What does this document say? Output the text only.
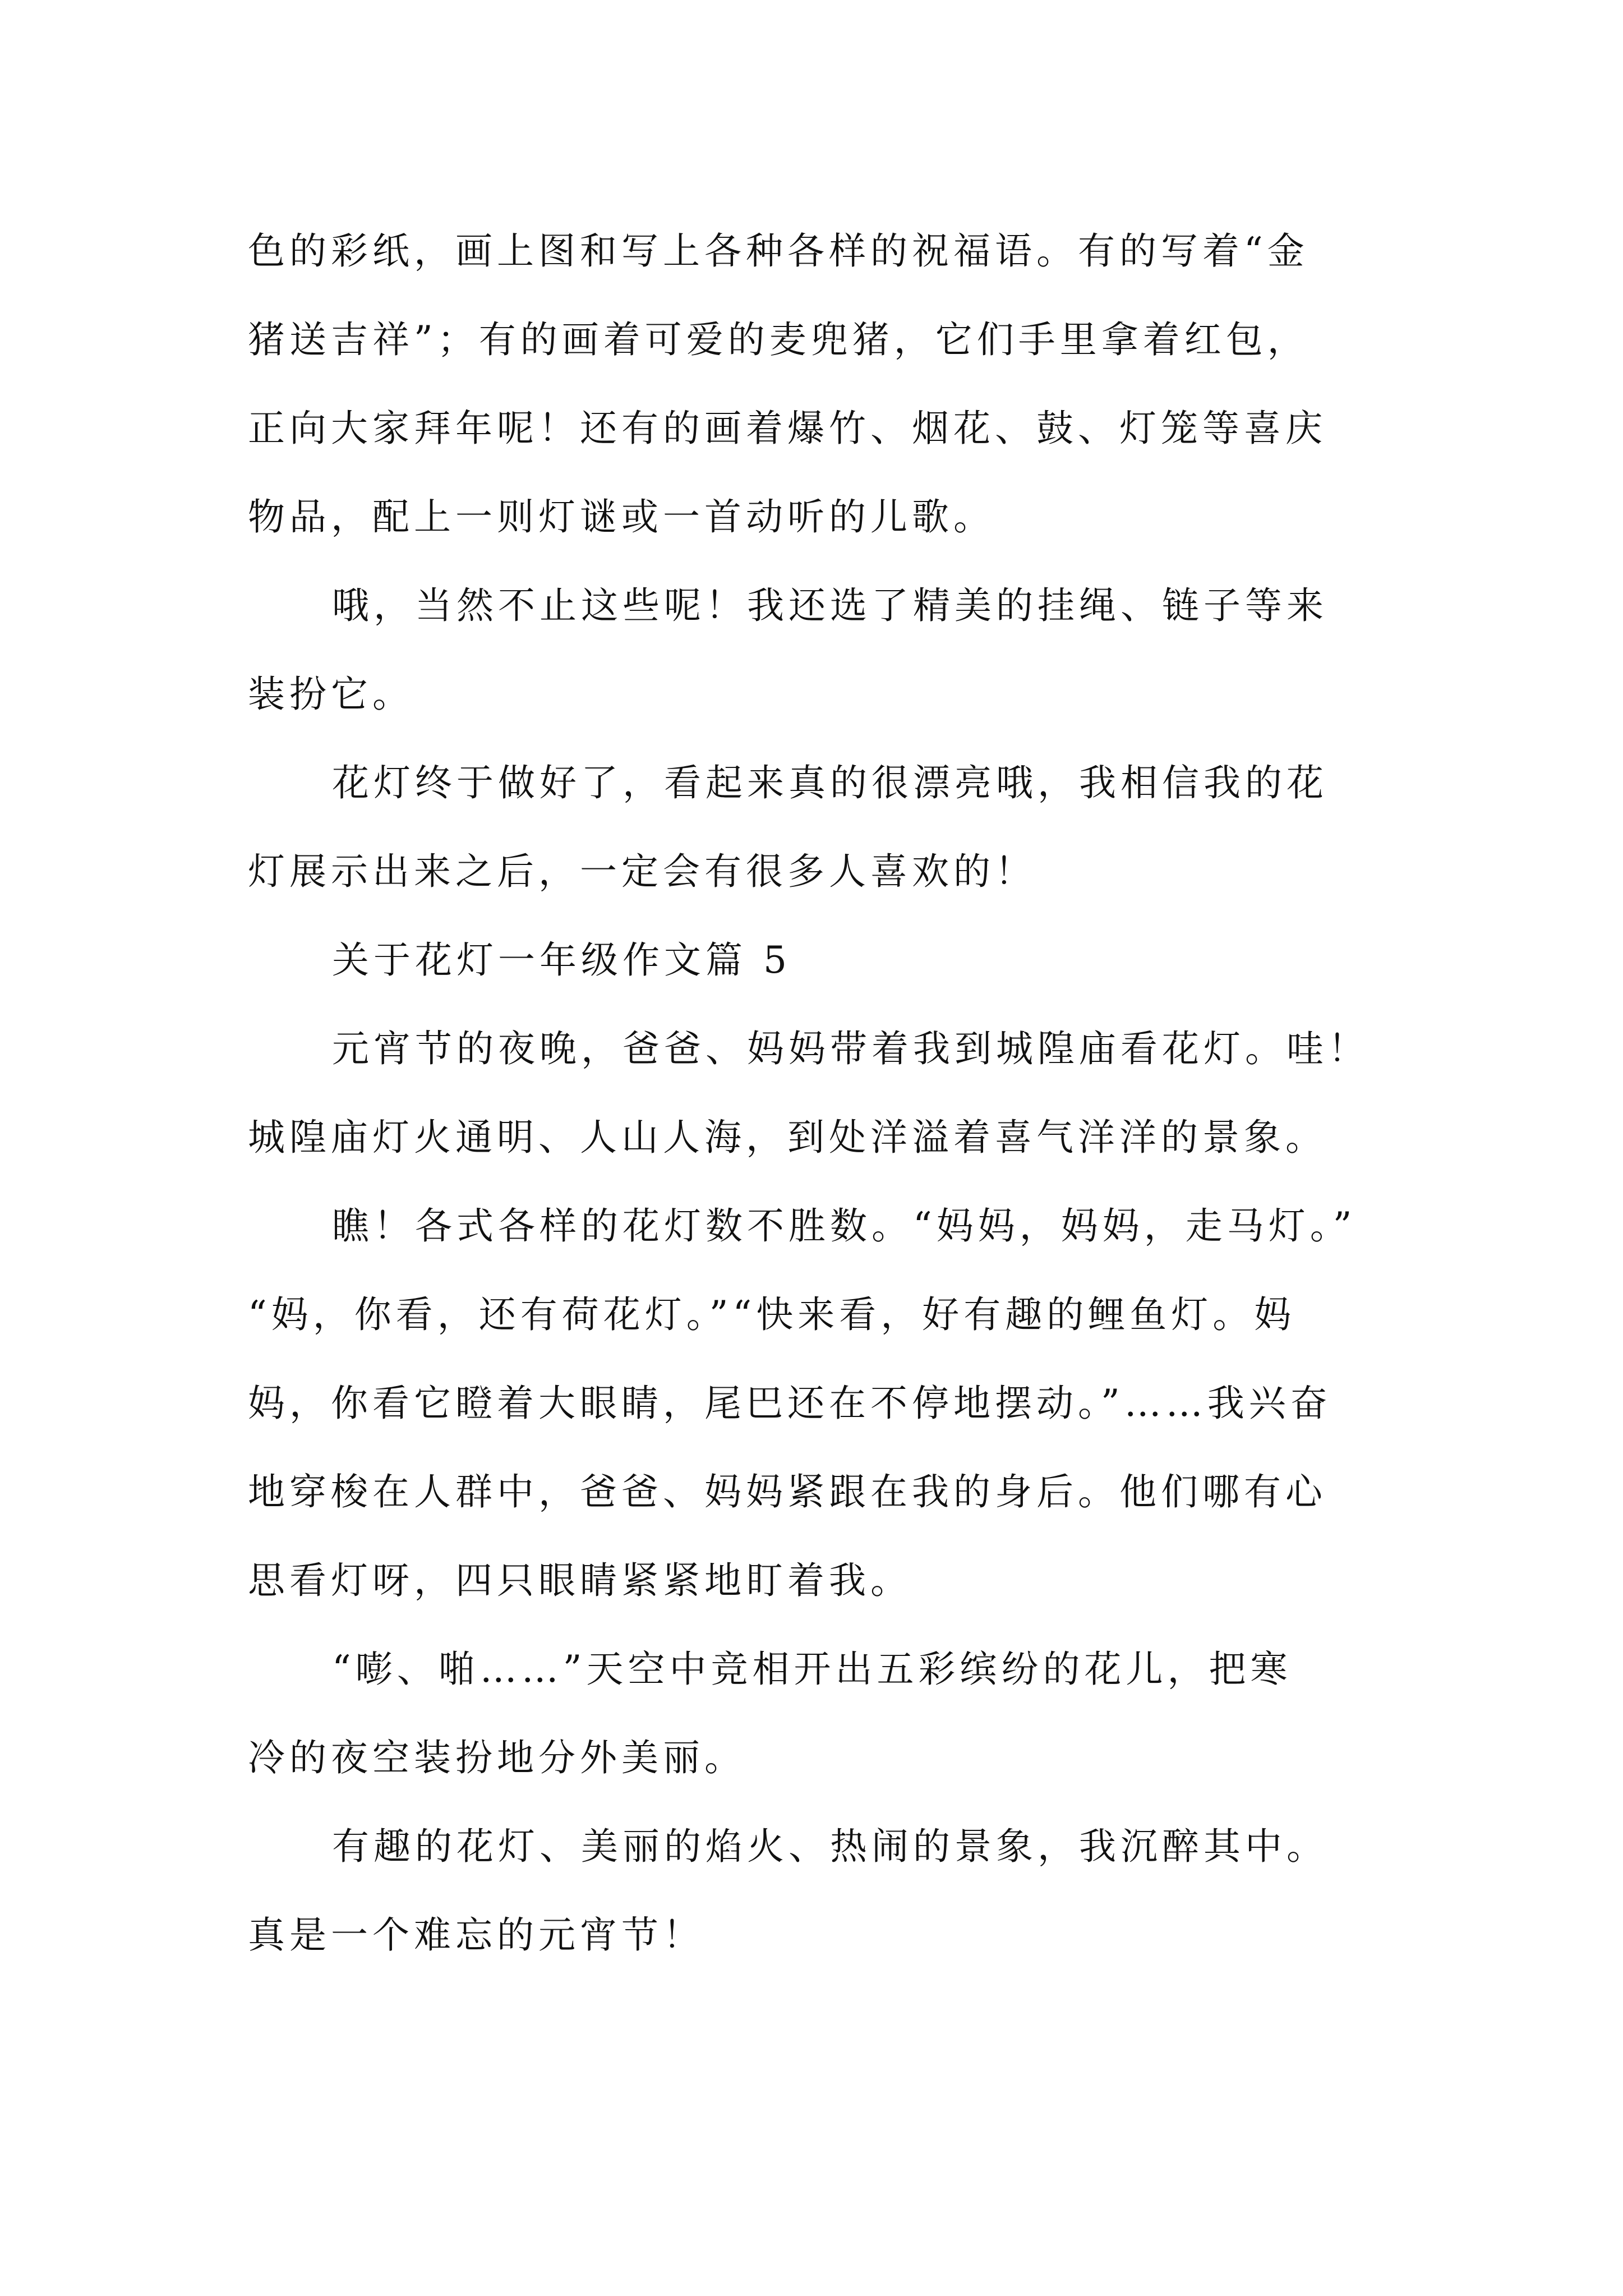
色的彩纸，画上图和写上各种各样的祝福语。有的写着“金
猪送吉祥”；有的画着可爱的麦兜猪，它们手里拿着红包，
正向大家拜年呢！还有的画着爆竹、烟花、鼓、灯笼等喜庆
物品，配上一则灯谜或一首动听的儿歌。
哦，当然不止这些呢！我还选了精美的挂绳、链子等来
装扮它。
花灯终于做好了，看起来真的很漂亮哦，我相信我的花
灯展示出来之后，一定会有很多人喜欢的！
关于花灯一年级作文篇 5
元宵节的夜晚，爸爸、妈妈带着我到城隍庙看花灯。哇！
城隍庙灯火通明、人山人海，到处洋溢着喜气洋洋的景象。
瞧！各式各样的花灯数不胜数。“妈妈，妈妈，走马灯。”
“妈，你看，还有荷花灯。”“快来看，好有趣的鲤鱼灯。妈
妈，你看它瞪着大眼睛，尾巴还在不停地摆动。”……我兴奋
地穿梭在人群中，爸爸、妈妈紧跟在我的身后。他们哪有心
思看灯呀，四只眼睛紧紧地盯着我。
“嘭、啪……”天空中竞相开出五彩缤纷的花儿，把寒
冷的夜空装扮地分外美丽。
有趣的花灯、美丽的焰火、热闹的景象，我沉醉其中。
真是一个难忘的元宵节！
